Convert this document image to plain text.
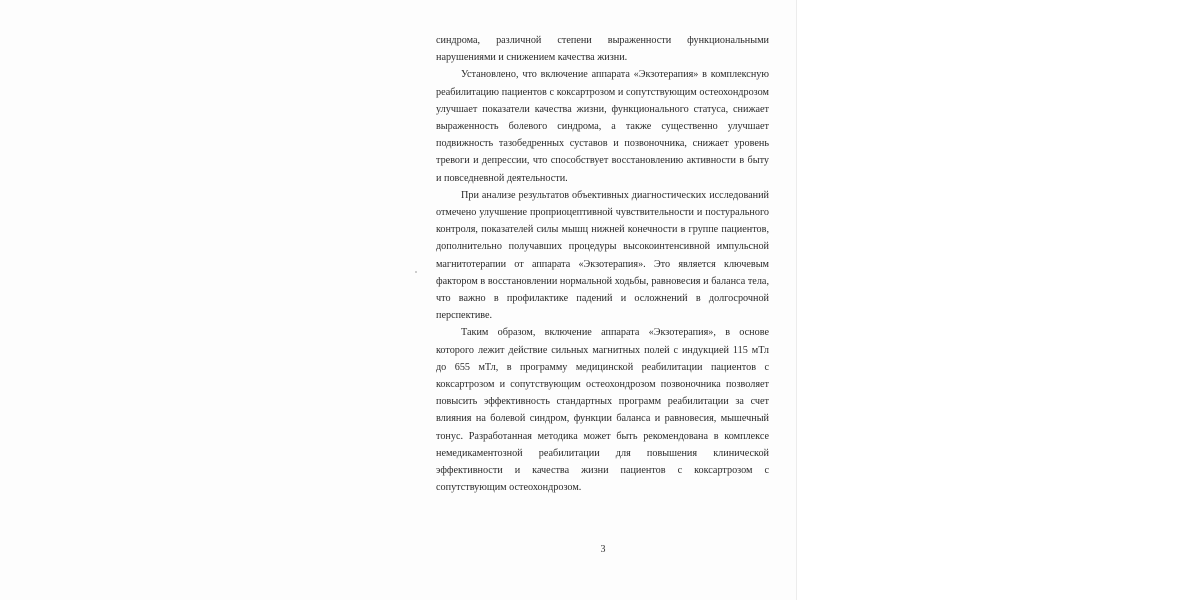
синдрома, различной степени выраженности функциональными нарушениями и снижением качества жизни.

Установлено, что включение аппарата «Экзотерапия» в комплексную реабилитацию пациентов с коксартрозом и сопутствующим остеохондрозом улучшает показатели качества жизни, функционального статуса, снижает выраженность болевого синдрома, а также существенно улучшает подвижность тазобедренных суставов и позвоночника, снижает уровень тревоги и депрессии, что способствует восстановлению активности в быту и повседневной деятельности.

При анализе результатов объективных диагностических исследований отмечено улучшение проприоцептивной чувствительности и постурального контроля, показателей силы мышц нижней конечности в группе пациентов, дополнительно получавших процедуры высокоинтенсивной импульсной магнитотерапии от аппарата «Экзотерапия». Это является ключевым фактором в восстановлении нормальной ходьбы, равновесия и баланса тела, что важно в профилактике падений и осложнений в долгосрочной перспективе.

Таким образом, включение аппарата «Экзотерапия», в основе которого лежит действие сильных магнитных полей с индукцией 115 мТл до 655 мТл, в программу медицинской реабилитации пациентов с коксартрозом и сопутствующим остеохондрозом позвоночника позволяет повысить эффективность стандартных программ реабилитации за счет влияния на болевой синдром, функции баланса и равновесия, мышечный тонус. Разработанная методика может быть рекомендована в комплексе немедикаментозной реабилитации для повышения клинической эффективности и качества жизни пациентов с коксартрозом с сопутствующим остеохондрозом.

3
